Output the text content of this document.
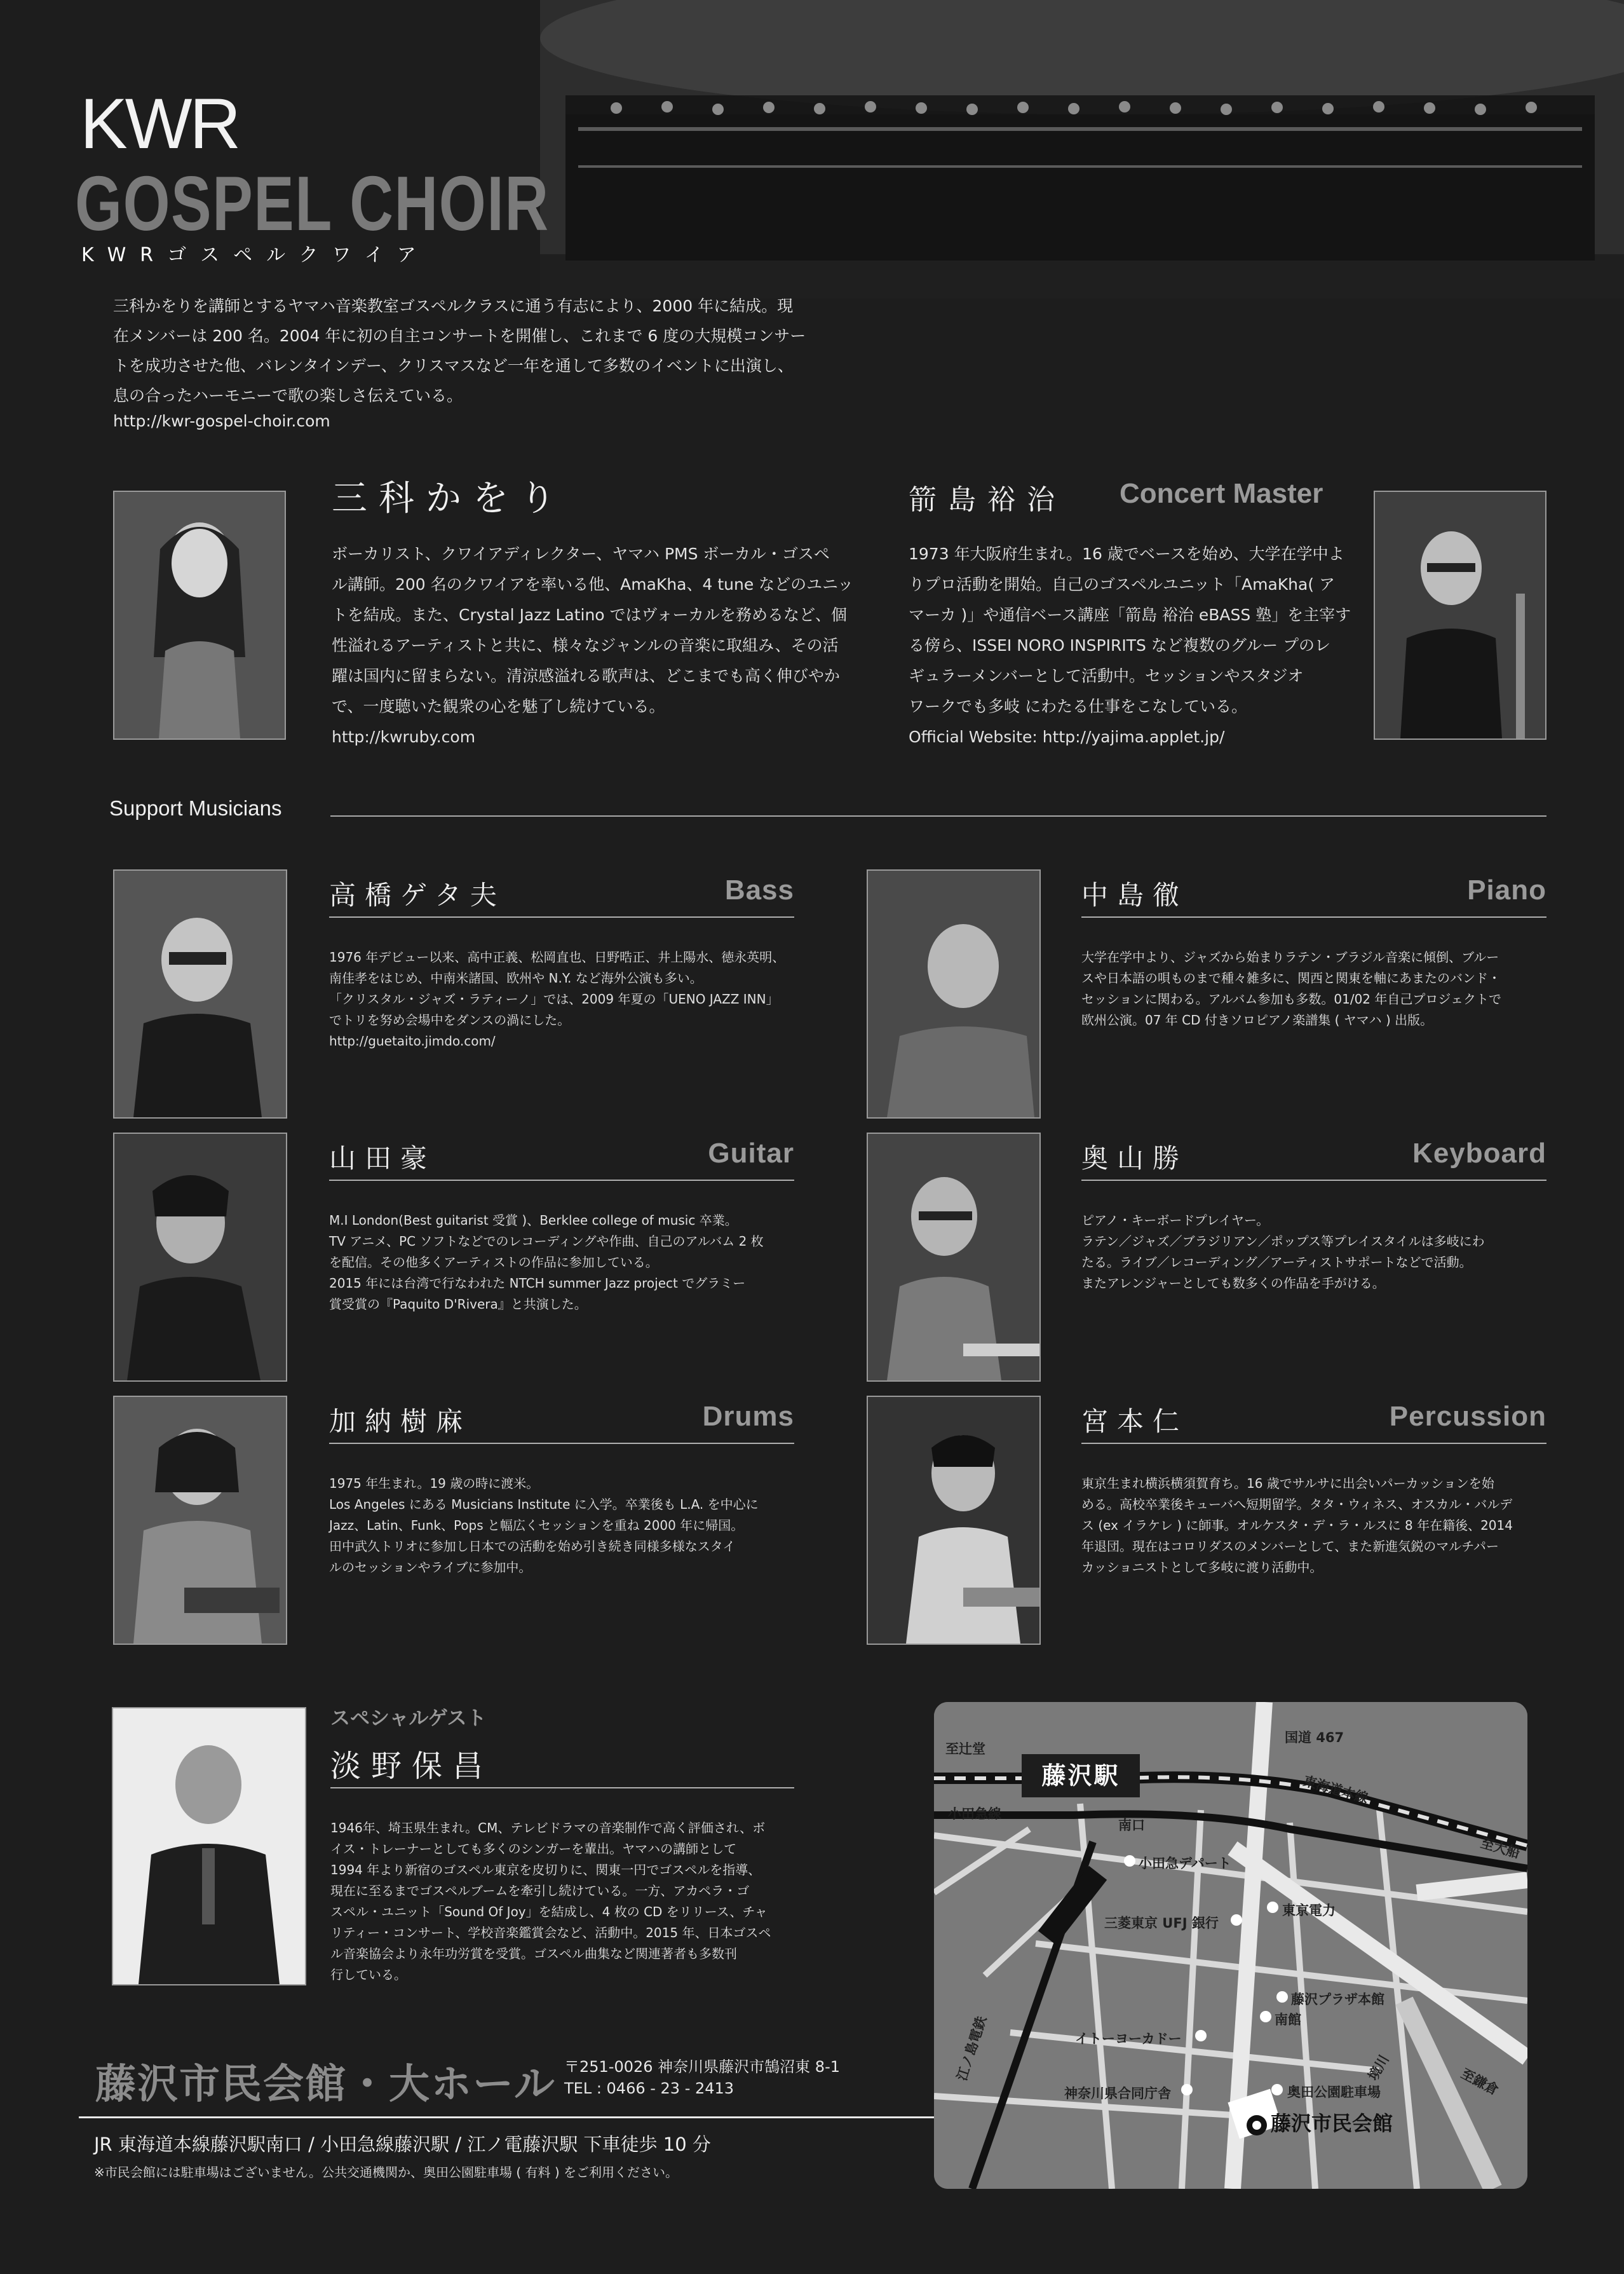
KWR
GOSPEL CHOIR
KWRゴスペルクワイア
三科かをりを講師とするヤマハ音楽教室ゴスペルクラスに通う有志により、2000 年に結成。現
在メンバーは 200 名。2004 年に初の自主コンサートを開催し、これまで 6 度の大規模コンサー
トを成功させた他、バレンタインデー、クリスマスなど一年を通して多数のイベントに出演し、
息の合ったハーモニーで歌の楽しさ伝えている。
http://kwr-gospel-choir.com
三科かをり
ボーカリスト、クワイアディレクター、ヤマハ PMS ボーカル・ゴスペ
ル講師。200 名のクワイアを率いる他、AmaKha、4 tune などのユニッ
トを結成。また、Crystal Jazz Latino ではヴォーカルを務めるなど、個
性溢れるアーティストと共に、様々なジャンルの音楽に取組み、その活
躍は国内に留まらない。清涼感溢れる歌声は、どこまでも高く伸びやか
で、一度聴いた観衆の心を魅了し続けている。
http://kwruby.com
箭島裕治 Concert Master
1973 年大阪府生まれ。16 歳でベースを始め、大学在学中よ
りプロ活動を開始。自己のゴスペルユニット「AmaKha( ア
マーカ )」や通信ベース講座「箭島 裕治 eBASS 塾」を主宰す
る傍ら、ISSEI NORO INSPIRITS など複数のグルー プのレ
ギュラーメンバーとして活動中。セッションやスタジオ
ワークでも多岐 にわたる仕事をこなしている。
Official Website: http://yajima.applet.jp/
Support Musicians
高橋ゲタ夫	Bass
1976 年デビュー以来、高中正義、松岡直也、日野晧正、井上陽水、徳永英明、
南佳孝をはじめ、中南米諸国、欧州や N.Y. など海外公演も多い。
「クリスタル・ジャズ・ラティーノ」では、2009 年夏の「UENO JAZZ INN」
でトリを努め会場中をダンスの渦にした。
http://guetaito.jimdo.com/
中島徹	Piano
大学在学中より、ジャズから始まりラテン・ブラジル音楽に傾倒、ブルー
スや日本語の唄ものまで種々雑多に、関西と関東を軸にあまたのバンド・
セッションに関わる。アルバム参加も多数。01/02 年自己プロジェクトで
欧州公演。07 年 CD 付きソロピアノ楽譜集 ( ヤマハ ) 出版。
山田豪	Guitar
M.I London(Best guitarist 受賞 )、Berklee college of music 卒業。
TV アニメ、PC ソフトなどでのレコーディングや作曲、自己のアルバム 2 枚
を配信。その他多くアーティストの作品に参加している。
2015 年には台湾で行なわれた NTCH summer Jazz project でグラミー
賞受賞の『Paquito D'Rivera』と共演した。
奥山勝	Keyboard
ピアノ・キーボードプレイヤー。
ラテン／ジャズ／ブラジリアン／ポップス等プレイスタイルは多岐にわ
たる。ライブ／レコーディング／アーティストサポートなどで活動。
またアレンジャーとしても数多くの作品を手がける。
加納樹麻	Drums
1975 年生まれ。19 歳の時に渡米。
Los Angeles にある Musicians Institute に入学。卒業後も L.A. を中心に
Jazz、Latin、Funk、Pops と幅広くセッションを重ね 2000 年に帰国。
田中武久トリオに参加し日本での活動を始め引き続き同様多様なスタイ
ルのセッションやライブに参加中。
宮本仁	Percussion
東京生まれ横浜横須賀育ち。16 歳でサルサに出会いパーカッションを始
める。高校卒業後キューバへ短期留学。タタ・ウィネス、オスカル・バルデ
ス (ex イラケレ ) に師事。オルケスタ・デ・ラ・ルスに 8 年在籍後、2014
年退団。現在はコロリダスのメンバーとして、また新進気鋭のマルチパー
カッショニストとして多岐に渡り活動中。
スペシャルゲスト
淡野保昌
1946年、埼玉県生まれ。CM、テレビドラマの音楽制作で高く評価され、ボ
イス・トレーナーとしても多くのシンガーを輩出。ヤマハの講師として
1994 年より新宿のゴスペル東京を皮切りに、関東一円でゴスペルを指導、
現在に至るまでゴスペルブームを牽引し続けている。一方、アカペラ・ゴ
スペル・ユニット「Sound Of Joy」を結成し、4 枚の CD をリリース、チャ
リティー・コンサート、学校音楽鑑賞会など、活動中。2015 年、日本ゴスペ
ル音楽協会より永年功労賞を受賞。ゴスペル曲集など関連著者も多数刊
行している。
藤沢市民会館・大ホール 〒251-0026 神奈川県藤沢市鵠沼東 8-1
TEL : 0466 - 23 - 2413
JR 東海道本線藤沢駅南口 / 小田急線藤沢駅 / 江ノ電藤沢駅 下車徒歩 10 分
※市民会館には駐車場はございません。公共交通機関か、奥田公園駐車場 ( 有料 ) をご利用ください。
藤沢駅
至辻堂
小田急線
国道 467
東海道本線
至大船
南口
小田急デパート
東京電力
三菱東京 UFJ 銀行
藤沢プラザ本館
南館
イトーヨーカドー
神奈川県合同庁舎	奥田公園駐車場
江ノ島電鉄	境川	至鎌倉
藤沢市民会館
